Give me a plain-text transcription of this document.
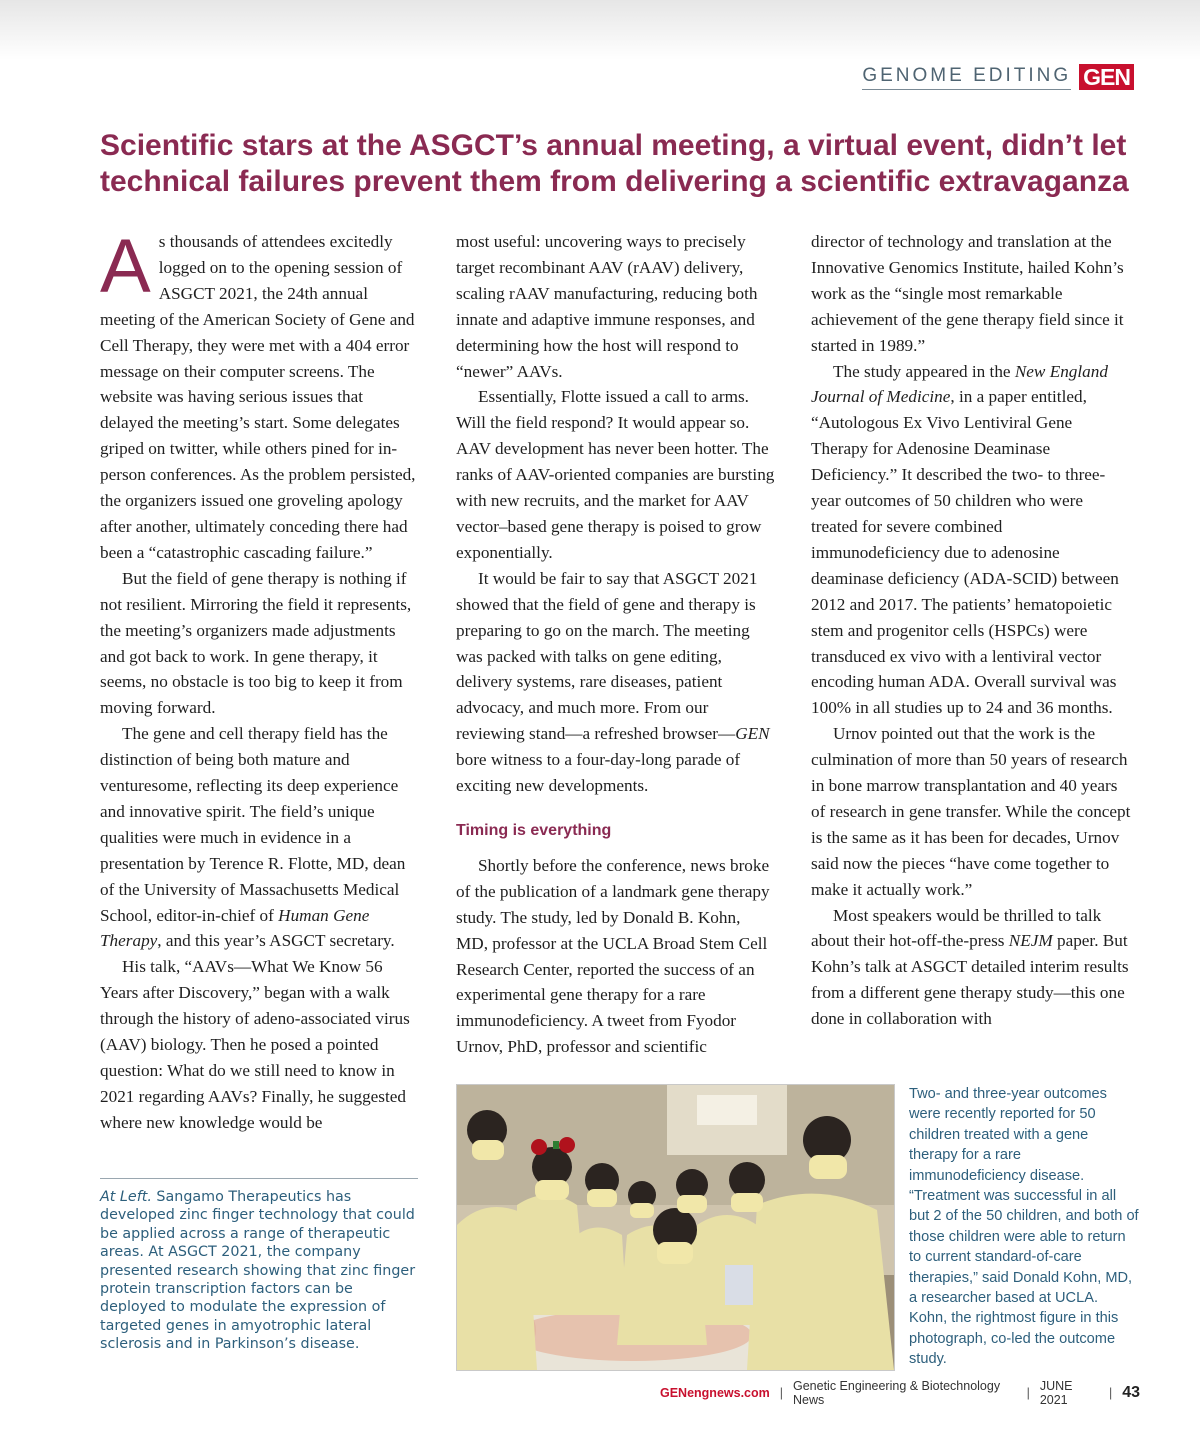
GENOME EDITING GEN
Scientific stars at the ASGCT’s annual meeting, a virtual event, didn’t let technical failures prevent them from delivering a scientific extravaganza

As thousands of attendees excitedly logged on to the opening session of ASGCT 2021, the 24th annual meeting of the American Society of Gene and Cell Therapy, they were met with a 404 error message on their computer screens. The website was having serious issues that delayed the meeting’s start. Some delegates griped on twitter, while others pined for in-person conferences. As the problem persisted, the organizers issued one groveling apology after another, ultimately conceding there had been a “catastrophic cascading failure.”

But the field of gene therapy is nothing if not resilient. Mirroring the field it represents, the meeting’s organizers made adjustments and got back to work. In gene therapy, it seems, no obstacle is too big to keep it from moving forward.

The gene and cell therapy field has the distinction of being both mature and venturesome, reflecting its deep experience and innovative spirit. The field’s unique qualities were much in evidence in a presentation by Terence R. Flotte, MD, dean of the University of Massachusetts Medical School, editor-in-chief of Human Gene Therapy, and this year’s ASGCT secretary.

His talk, “AAVs—What We Know 56 Years after Discovery,” began with a walk through the history of adeno-associated virus (AAV) biology. Then he posed a pointed question: What do we still need to know in 2021 regarding AAVs? Finally, he suggested where new knowledge would be

most useful: uncovering ways to precisely target recombinant AAV (rAAV) delivery, scaling rAAV manufacturing, reducing both innate and adaptive immune responses, and determining how the host will respond to “newer” AAVs.

Essentially, Flotte issued a call to arms. Will the field respond? It would appear so. AAV development has never been hotter. The ranks of AAV-oriented companies are bursting with new recruits, and the market for AAV vector–based gene therapy is poised to grow exponentially.

It would be fair to say that ASGCT 2021 showed that the field of gene and therapy is preparing to go on the march. The meeting was packed with talks on gene editing, delivery systems, rare diseases, patient advocacy, and much more. From our reviewing stand—a refreshed browser—GEN bore witness to a four-day-long parade of exciting new developments.

Timing is everything

Shortly before the conference, news broke of the publication of a landmark gene therapy study. The study, led by Donald B. Kohn, MD, professor at the UCLA Broad Stem Cell Research Center, reported the success of an experimental gene therapy for a rare immunodeficiency. A tweet from Fyodor Urnov, PhD, professor and scientific

director of technology and translation at the Innovative Genomics Institute, hailed Kohn’s work as the “single most remarkable achievement of the gene therapy field since it started in 1989.”

The study appeared in the New England Journal of Medicine, in a paper entitled, “Autologous Ex Vivo Lentiviral Gene Therapy for Adenosine Deaminase Deficiency.” It described the two- to three-year outcomes of 50 children who were treated for severe combined immunodeficiency due to adenosine deaminase deficiency (ADA-SCID) between 2012 and 2017. The patients’ hematopoietic stem and progenitor cells (HSPCs) were transduced ex vivo with a lentiviral vector encoding human ADA. Overall survival was 100% in all studies up to 24 and 36 months.

Urnov pointed out that the work is the culmination of more than 50 years of research in bone marrow transplantation and 40 years of research in gene transfer. While the concept is the same as it has been for decades, Urnov said now the pieces “have come together to make it actually work.”

Most speakers would be thrilled to talk about their hot-off-the-press NEJM paper. But Kohn’s talk at ASGCT detailed interim results from a different gene therapy study—this one done in collaboration with

At Left. Sangamo Therapeutics has developed zinc finger technology that could be applied across a range of therapeutic areas. At ASGCT 2021, the company presented research showing that zinc finger protein transcription factors can be deployed to modulate the expression of targeted genes in amyotrophic lateral sclerosis and in Parkinson’s disease.

Two- and three-year outcomes were recently reported for 50 children treated with a gene therapy for a rare immunodeficiency disease. “Treatment was successful in all but 2 of the 50 children, and both of those children were able to return to current standard-of-care therapies,” said Donald Kohn, MD, a researcher based at UCLA. Kohn, the rightmost figure in this photograph, co-led the outcome study.

GENengnews.com | Genetic Engineering & Biotechnology News	| JUNE 2021	| 43
